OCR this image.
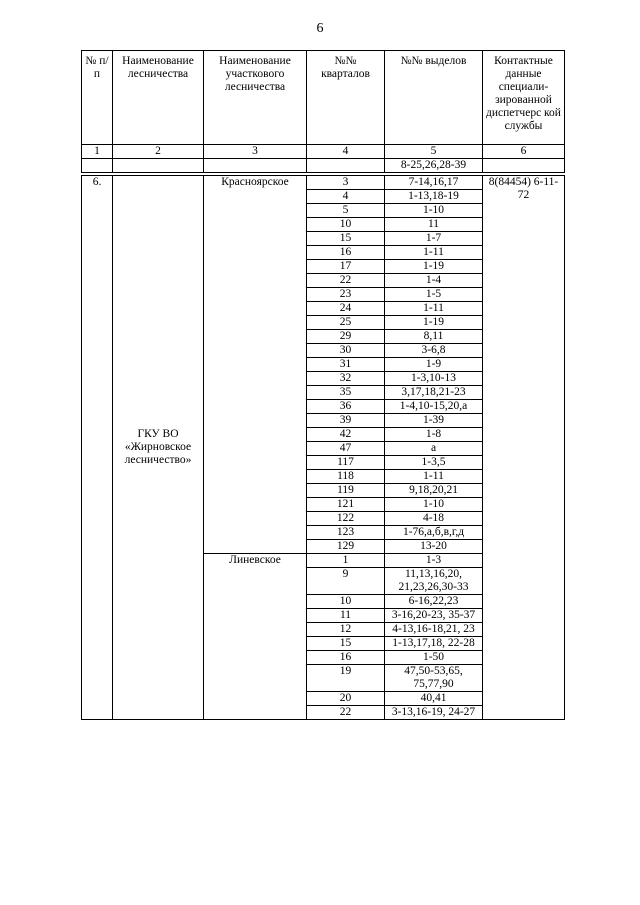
6
№ п/п	Наименование лесничества	Наименование участкового лесничества	№№ кварталов	№№ выделов	Контактные данные специали-зированной диспетчерс кой службы
1	2	3	4	5	6
				8-25,26,28-39	

6.	ГКУ ВО «Жирновское лесничество»	Красноярское	3	7-14,16,17	8(84454) 6-11-72
			4	1-13,18-19	
			5	1-10	
			10	11	
			15	1-7	
			16	1-11	
			17	1-19	
			22	1-4	
			23	1-5	
			24	1-11	
			25	1-19	
			29	8,11	
			30	3-6,8	
			31	1-9	
			32	1-3,10-13	
			35	3,17,18,21-23	
			36	1-4,10-15,20,а	
			39	1-39	
			42	1-8	
			47	а	
			117	1-3,5	
			118	1-11	
			119	9,18,20,21	
			121	1-10	
			122	4-18	
			123	1-76,а,б,в,г,д	
			129	13-20	
		Линевское	1	1-3	
			9	11,13,16,20, 21,23,26,30-33	
			10	6-16,22,23	
			11	3-16,20-23, 35-37	
			12	4-13,16-18,21, 23	
			15	1-13,17,18, 22-28	
			16	1-50	
			19	47,50-53,65, 75,77,90	
			20	40,41	
			22	3-13,16-19, 24-27	
